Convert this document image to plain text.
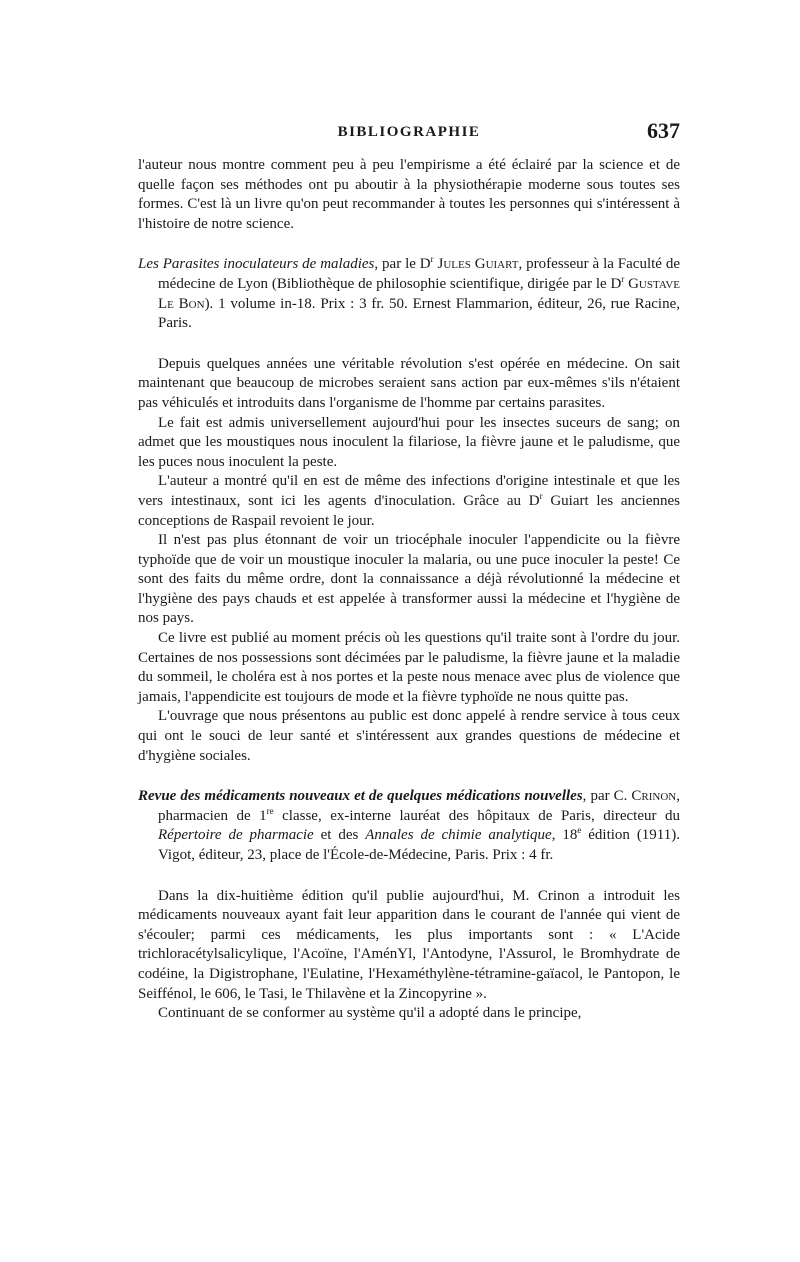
BIBLIOGRAPHIE	637

l'auteur nous montre comment peu à peu l'empirisme a été éclairé par la science et de quelle façon ses méthodes ont pu aboutir à la physiothérapie moderne sous toutes ses formes. C'est là un livre qu'on peut recommander à toutes les personnes qui s'intéressent à l'histoire de notre science.

Les Parasites inoculateurs de maladies, par le $D^r$ Jules Guiart, professeur à la Faculté de médecine de Lyon (Bibliothèque de philosophie scientifique, dirigée par le $D^r$ Gustave Le Bon). 1 volume in-18. Prix : 3 fr. 50. Ernest Flammarion, éditeur, 26, rue Racine, Paris.

Depuis quelques années une véritable révolution s'est opérée en médecine. On sait maintenant que beaucoup de microbes seraient sans action par eux-mêmes s'ils n'étaient pas véhiculés et introduits dans l'organisme de l'homme par certains parasites.

Le fait est admis universellement aujourd'hui pour les insectes suceurs de sang; on admet que les moustiques nous inoculent la filariose, la fièvre jaune et le paludisme, que les puces nous inoculent la peste.

L'auteur a montré qu'il en est de même des infections d'origine intestinale et que les vers intestinaux, sont ici les agents d'inoculation. Grâce au $D^r$ Guiart les anciennes conceptions de Raspail revoient le jour.

Il n'est pas plus étonnant de voir un triocéphale inoculer l'appendicite ou la fièvre typhoïde que de voir un moustique inoculer la malaria, ou une puce inoculer la peste! Ce sont des faits du même ordre, dont la connaissance a déjà révolutionné la médecine et l'hygiène des pays chauds et est appelée à transformer aussi la médecine et l'hygiène de nos pays.

Ce livre est publié au moment précis où les questions qu'il traite sont à l'ordre du jour. Certaines de nos possessions sont décimées par le paludisme, la fièvre jaune et la maladie du sommeil, le choléra est à nos portes et la peste nous menace avec plus de violence que jamais, l'appendicite est toujours de mode et la fièvre typhoïde ne nous quitte pas.

L'ouvrage que nous présentons au public est donc appelé à rendre service à tous ceux qui ont le souci de leur santé et s'intéressent aux grandes questions de médecine et d'hygiène sociales.

Revue des médicaments nouveaux et de quelques médications nouvelles, par C. Crinon, pharmacien de 1re classe, ex-interne lauréat des hôpitaux de Paris, directeur du Répertoire de pharmacie et des Annales de chimie analytique, 18e édition (1911). Vigot, éditeur, 23, place de l'École-de-Médecine, Paris. Prix : 4 fr.

Dans la dix-huitième édition qu'il publie aujourd'hui, M. Crinon a introduit les médicaments nouveaux ayant fait leur apparition dans le courant de l'année qui vient de s'écouler; parmi ces médicaments, les plus importants sont : « L'Acide trichloracétylsalicylique, l'Acoïne, l'AménYl, l'Antodyne, l'Assurol, le Bromhydrate de codéine, la Digistrophane, l'Eulatine, l'Hexaméthylène-tétramine-gaïacol, le Pantopon, le Seiffénol, le 606, le Tasi, le Thilavène et la Zincopyrine ».

Continuant de se conformer au système qu'il a adopté dans le principe,
